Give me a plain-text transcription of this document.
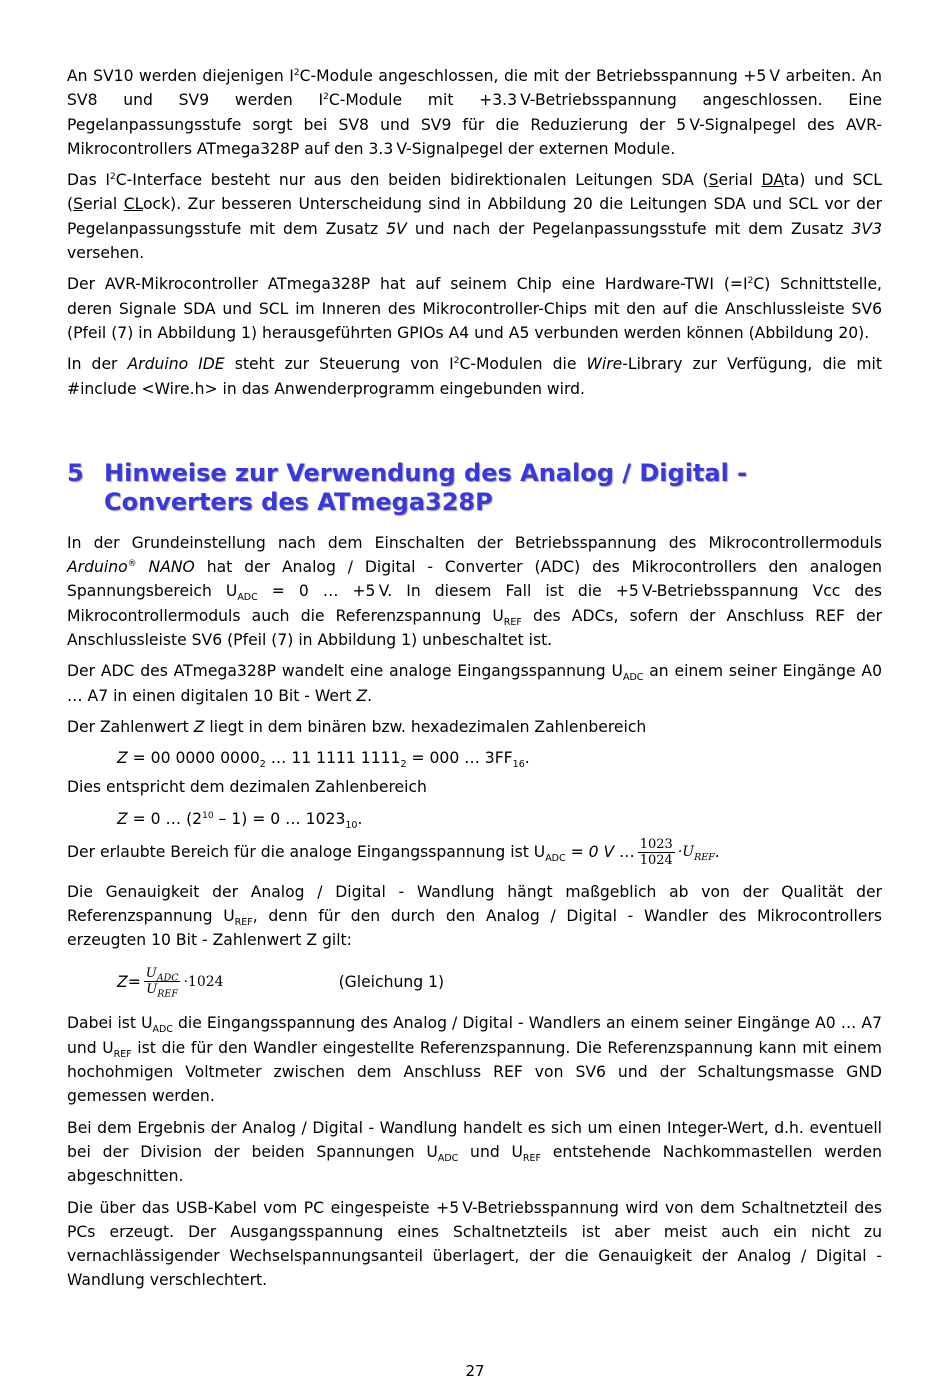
An SV10 werden diejenigen $I^2C$-Module angeschlossen, die mit der Betriebsspannung +5 V arbeiten. An SV8 und SV9 werden $I^2C$-Module mit +3.3 V-Betriebsspannung angeschlossen. Eine Pegelanpassungsstufe sorgt bei SV8 und SV9 für die Reduzierung der 5 V-Signalpegel des AVR-Mikrocontrollers ATmega328P auf den 3.3 V-Signalpegel der externen Module.

Das $I^2C$-Interface besteht nur aus den beiden bidirektionalen Leitungen SDA (Serial DAta) und SCL (Serial CLock). Zur besseren Unterscheidung sind in Abbildung 20 die Leitungen SDA und SCL vor der Pegelanpassungsstufe mit dem Zusatz 5V und nach der Pegelanpassungsstufe mit dem Zusatz 3V3 versehen.

Der AVR-Mikrocontroller ATmega328P hat auf seinem Chip eine Hardware-TWI $(=I^2C)$ Schnittstelle, deren Signale SDA und SCL im Inneren des Mikrocontroller-Chips mit den auf die Anschlussleiste SV6 (Pfeil (7) in Abbildung 1) herausgeführten GPIOs A4 und A5 verbunden werden können (Abbildung 20).

In der Arduino IDE steht zur Steuerung von $I^2C$-Modulen die Wire-Library zur Verfügung, die mit #include <Wire.h> in das Anwenderprogramm eingebunden wird.

5 Hinweise zur Verwendung des Analog / Digital -
Converters des ATmega328P

In der Grundeinstellung nach dem Einschalten der Betriebsspannung des Mikrocontrollermoduls Arduino® NANO hat der Analog / Digital - Converter (ADC) des Mikrocontrollers den analogen Spannungsbereich $U_{ADC} = 0$ … +5 V. In diesem Fall ist die +5 V-Betriebsspannung Vcc des Mikrocontrollermoduls auch die Referenzspannung $U_{REF}$ des ADCs, sofern der Anschluss REF der Anschlussleiste SV6 (Pfeil (7) in Abbildung 1) unbeschaltet ist.

Der ADC des ATmega328P wandelt eine analoge Eingangsspannung $U_{ADC}$ an einem seiner Eingänge A0 … A7 in einen digitalen 10 Bit - Wert Z.

Der Zahlenwert Z liegt in dem binären bzw. hexadezimalen Zahlenbereich

Z = 00 0000 $0000_2$ … 11 1111 $1111_2 = 000$ … $3FF_{16}$.

Dies entspricht dem dezimalen Zahlenbereich

Z = 0 … $(2^{10} - 1) = 0$ … $1023_{10}$.

Der erlaubte Bereich für die analoge Eingangsspannung ist $U_{ADC} = 0$ V … $\frac{1023}{1024} \cdot U_{REF}$ .

Die Genauigkeit der Analog / Digital - Wandlung hängt maßgeblich ab von der Qualität der Referenzspannung $U_{REF}$, denn für den durch den Analog / Digital - Wandler des Mikrocontrollers erzeugten 10 Bit - Zahlenwert Z gilt:

$Z = \frac{U_{ADC}}{U_{REF}} \cdot 1024$	(Gleichung 1)

Dabei ist $U_{ADC}$ die Eingangsspannung des Analog / Digital - Wandlers an einem seiner Eingänge A0 … A7 und $U_{REF}$ ist die für den Wandler eingestellte Referenzspannung. Die Referenzspannung kann mit einem hochohmigen Voltmeter zwischen dem Anschluss REF von SV6 und der Schaltungsmasse GND gemessen werden.

Bei dem Ergebnis der Analog / Digital - Wandlung handelt es sich um einen Integer-Wert, d.h. eventuell bei der Division der beiden Spannungen $U_{ADC}$ und $U_{REF}$ entstehende Nachkommastellen werden abgeschnitten.

Die über das USB-Kabel vom PC eingespeiste +5 V-Betriebsspannung wird von dem Schaltnetzteil des PCs erzeugt. Der Ausgangsspannung eines Schaltnetzteils ist aber meist auch ein nicht zu vernachlässigender Wechselspannungsanteil überlagert, der die Genauigkeit der Analog / Digital - Wandlung verschlechtert.

27
